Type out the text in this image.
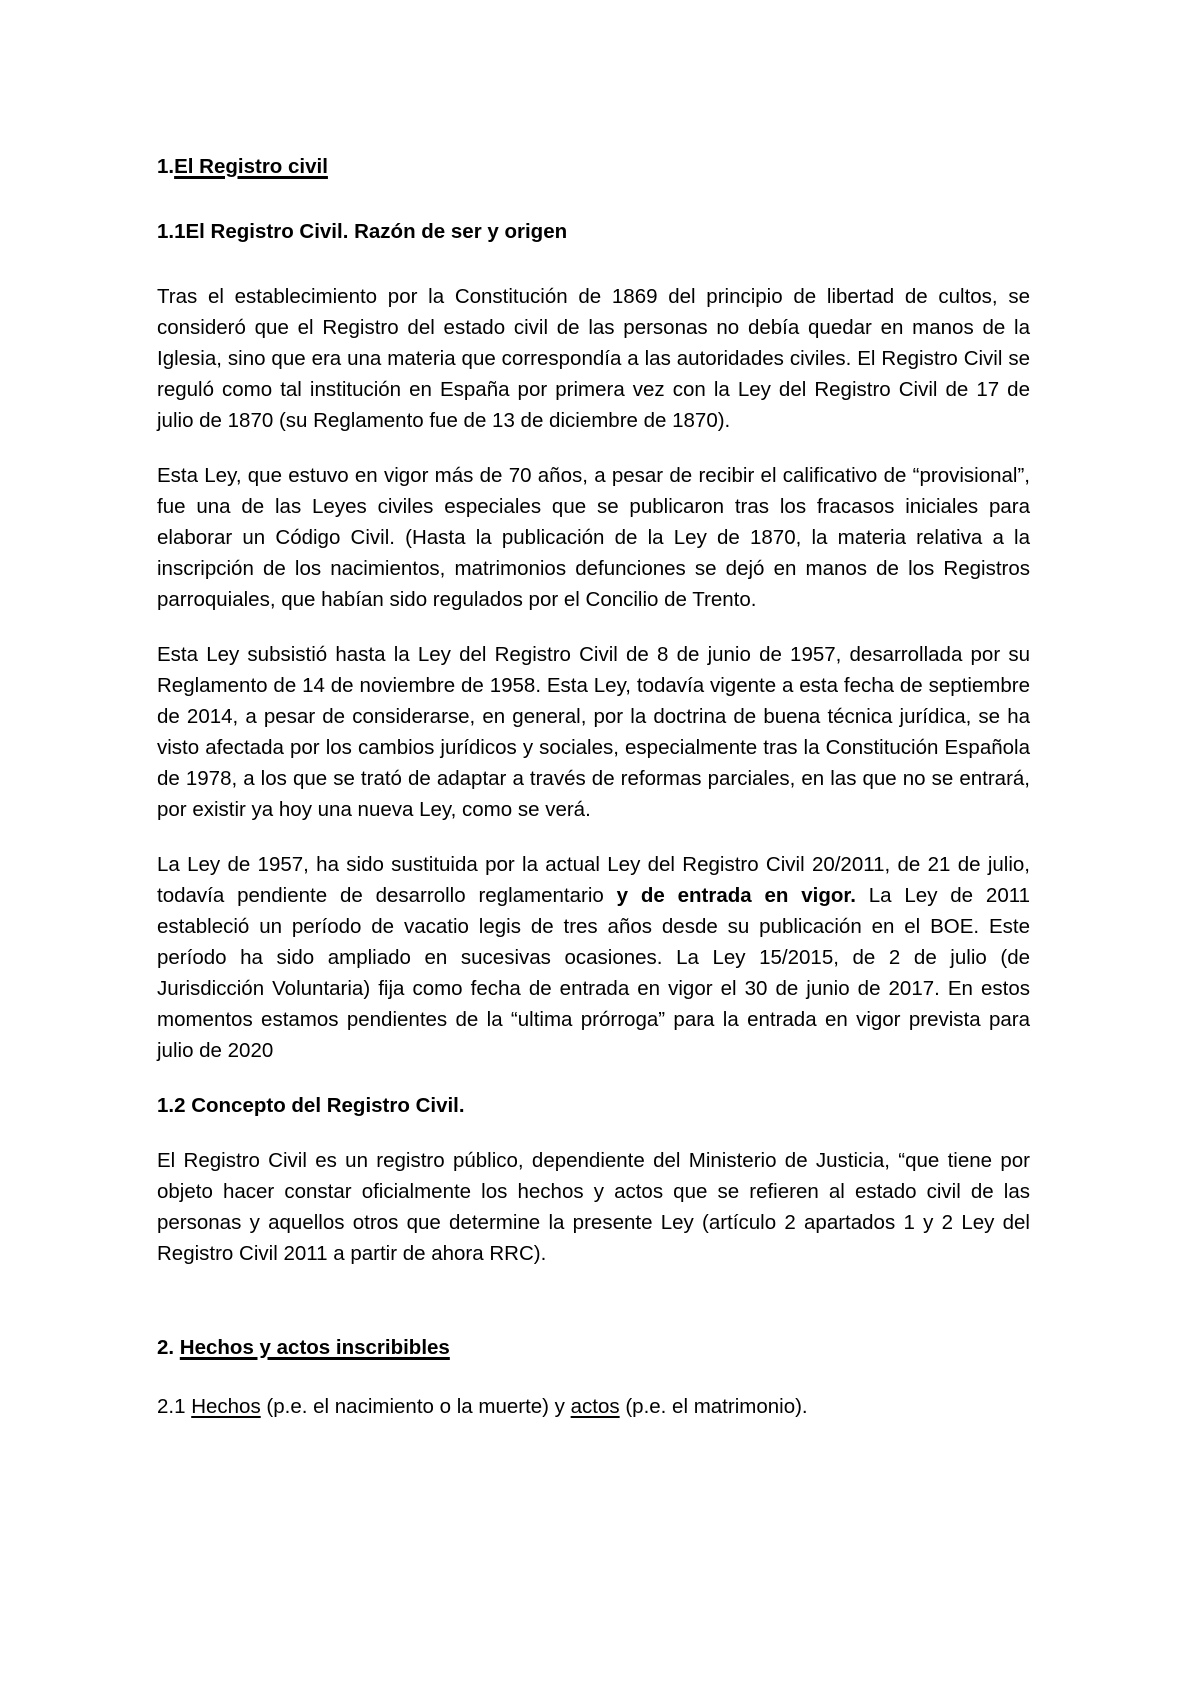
1.El Registro civil
1.1El Registro Civil. Razón de ser y origen
Tras el establecimiento por la Constitución de 1869 del principio de libertad de cultos, se consideró que el Registro del estado civil de las personas no debía quedar en manos de la Iglesia, sino que era una materia que correspondía a las autoridades civiles. El Registro Civil se reguló como tal institución en España por primera vez con la Ley del Registro Civil de 17 de julio de 1870 (su Reglamento fue de 13 de diciembre de 1870).
Esta Ley, que estuvo en vigor más de 70 años, a pesar de recibir el calificativo de “provisional”, fue una de las Leyes civiles especiales que se publicaron tras los fracasos iniciales para elaborar un Código Civil. (Hasta la publicación de la Ley de 1870, la materia relativa a la inscripción de los nacimientos, matrimonios defunciones se dejó en manos de los Registros parroquiales, que habían sido regulados por el Concilio de Trento.
Esta Ley subsistió hasta la Ley del Registro Civil de 8 de junio de 1957, desarrollada por su Reglamento de 14 de noviembre de 1958. Esta Ley, todavía vigente a esta fecha de septiembre de 2014, a pesar de considerarse, en general, por la doctrina de buena técnica jurídica, se ha visto afectada por los cambios jurídicos y sociales, especialmente tras la Constitución Española de 1978, a los que se trató de adaptar a través de reformas parciales, en las que no se entrará, por existir ya hoy una nueva Ley, como se verá.
La Ley de 1957, ha sido sustituida por la actual Ley del Registro Civil 20/2011, de 21 de julio, todavía pendiente de desarrollo reglamentario y de entrada en vigor. La Ley de 2011 estableció un período de vacatio legis de tres años desde su publicación en el BOE. Este período ha sido ampliado en sucesivas ocasiones. La Ley 15/2015, de 2 de julio (de Jurisdicción Voluntaria) fija como fecha de entrada en vigor el 30 de junio de 2017. En estos momentos estamos pendientes de la “ultima prórroga” para la entrada en vigor prevista para julio de 2020
1.2 Concepto del Registro Civil.
El Registro Civil es un registro público, dependiente del Ministerio de Justicia, “que tiene por objeto hacer constar oficialmente los hechos y actos que se refieren al estado civil de las personas y aquellos otros que determine la presente Ley (artículo 2 apartados 1 y 2 Ley del Registro Civil 2011 a partir de ahora RRC).
2. Hechos y actos inscribibles
2.1 Hechos (p.e. el nacimiento o la muerte) y actos (p.e. el matrimonio).
